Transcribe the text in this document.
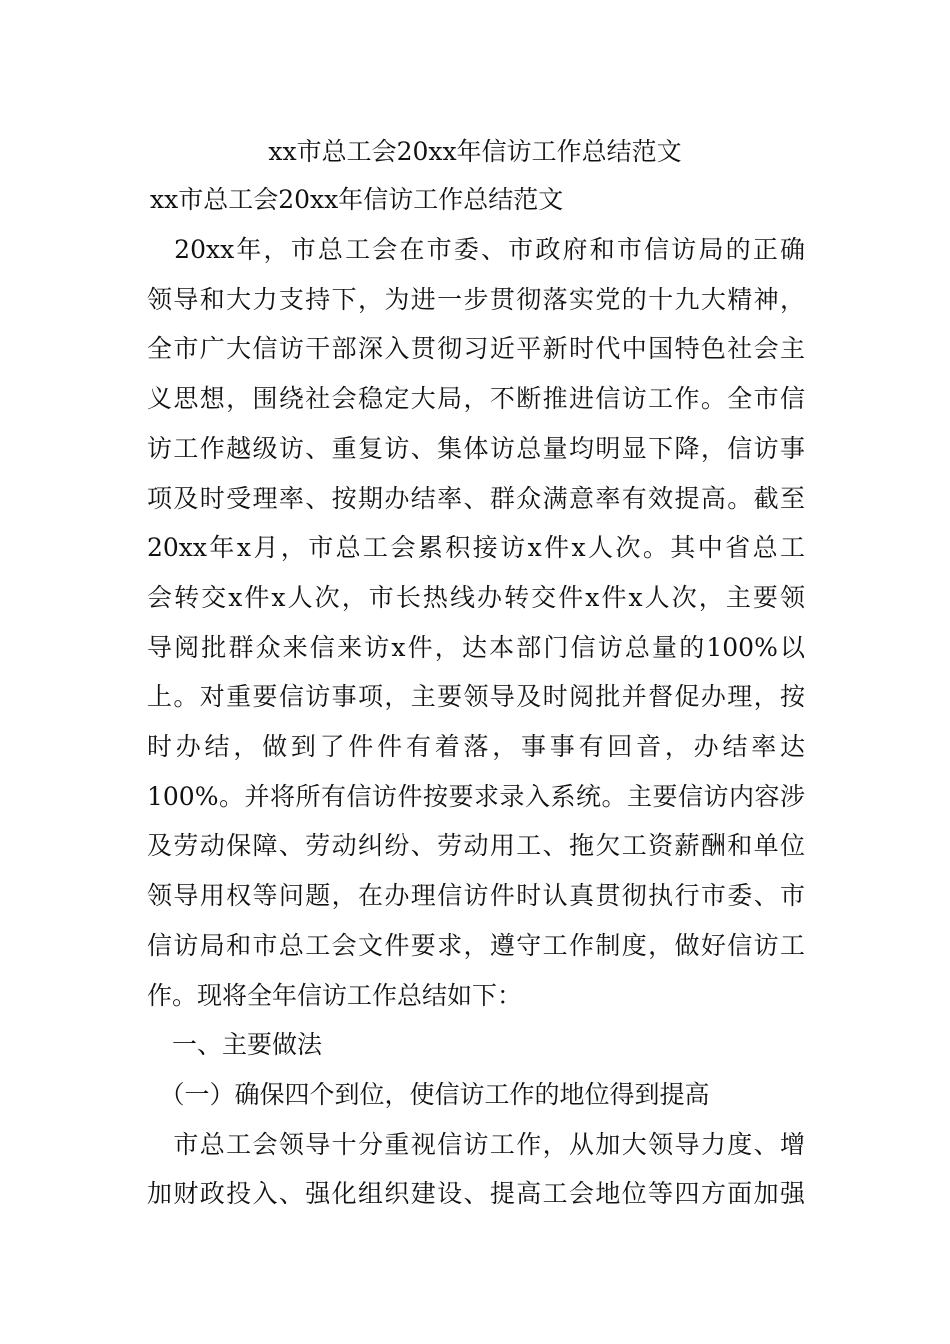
xx市总工会20xx年信访工作总结范文
xx市总工会20xx年信访工作总结范文
　20xx年，市总工会在市委、市政府和市信访局的正确
领导和大力支持下，为进一步贯彻落实党的十九大精神，
全市广大信访干部深入贯彻习近平新时代中国特色社会主
义思想，围绕社会稳定大局，不断推进信访工作。全市信
访工作越级访、重复访、集体访总量均明显下降，信访事
项及时受理率、按期办结率、群众满意率有效提高。截至
20xx年x月，市总工会累积接访x件x人次。其中省总工
会转交x件x人次，市长热线办转交件x件x人次，主要领
导阅批群众来信来访x件，达本部门信访总量的100%以
上。对重要信访事项，主要领导及时阅批并督促办理，按
时办结，做到了件件有着落，事事有回音，办结率达
100%。并将所有信访件按要求录入系统。主要信访内容涉
及劳动保障、劳动纠纷、劳动用工、拖欠工资薪酬和单位
领导用权等问题，在办理信访件时认真贯彻执行市委、市
信访局和市总工会文件要求，遵守工作制度，做好信访工
作。现将全年信访工作总结如下：
　一、主要做法
　（一）确保四个到位，使信访工作的地位得到提高
　市总工会领导十分重视信访工作，从加大领导力度、增
加财政投入、强化组织建设、提高工会地位等四方面加强
